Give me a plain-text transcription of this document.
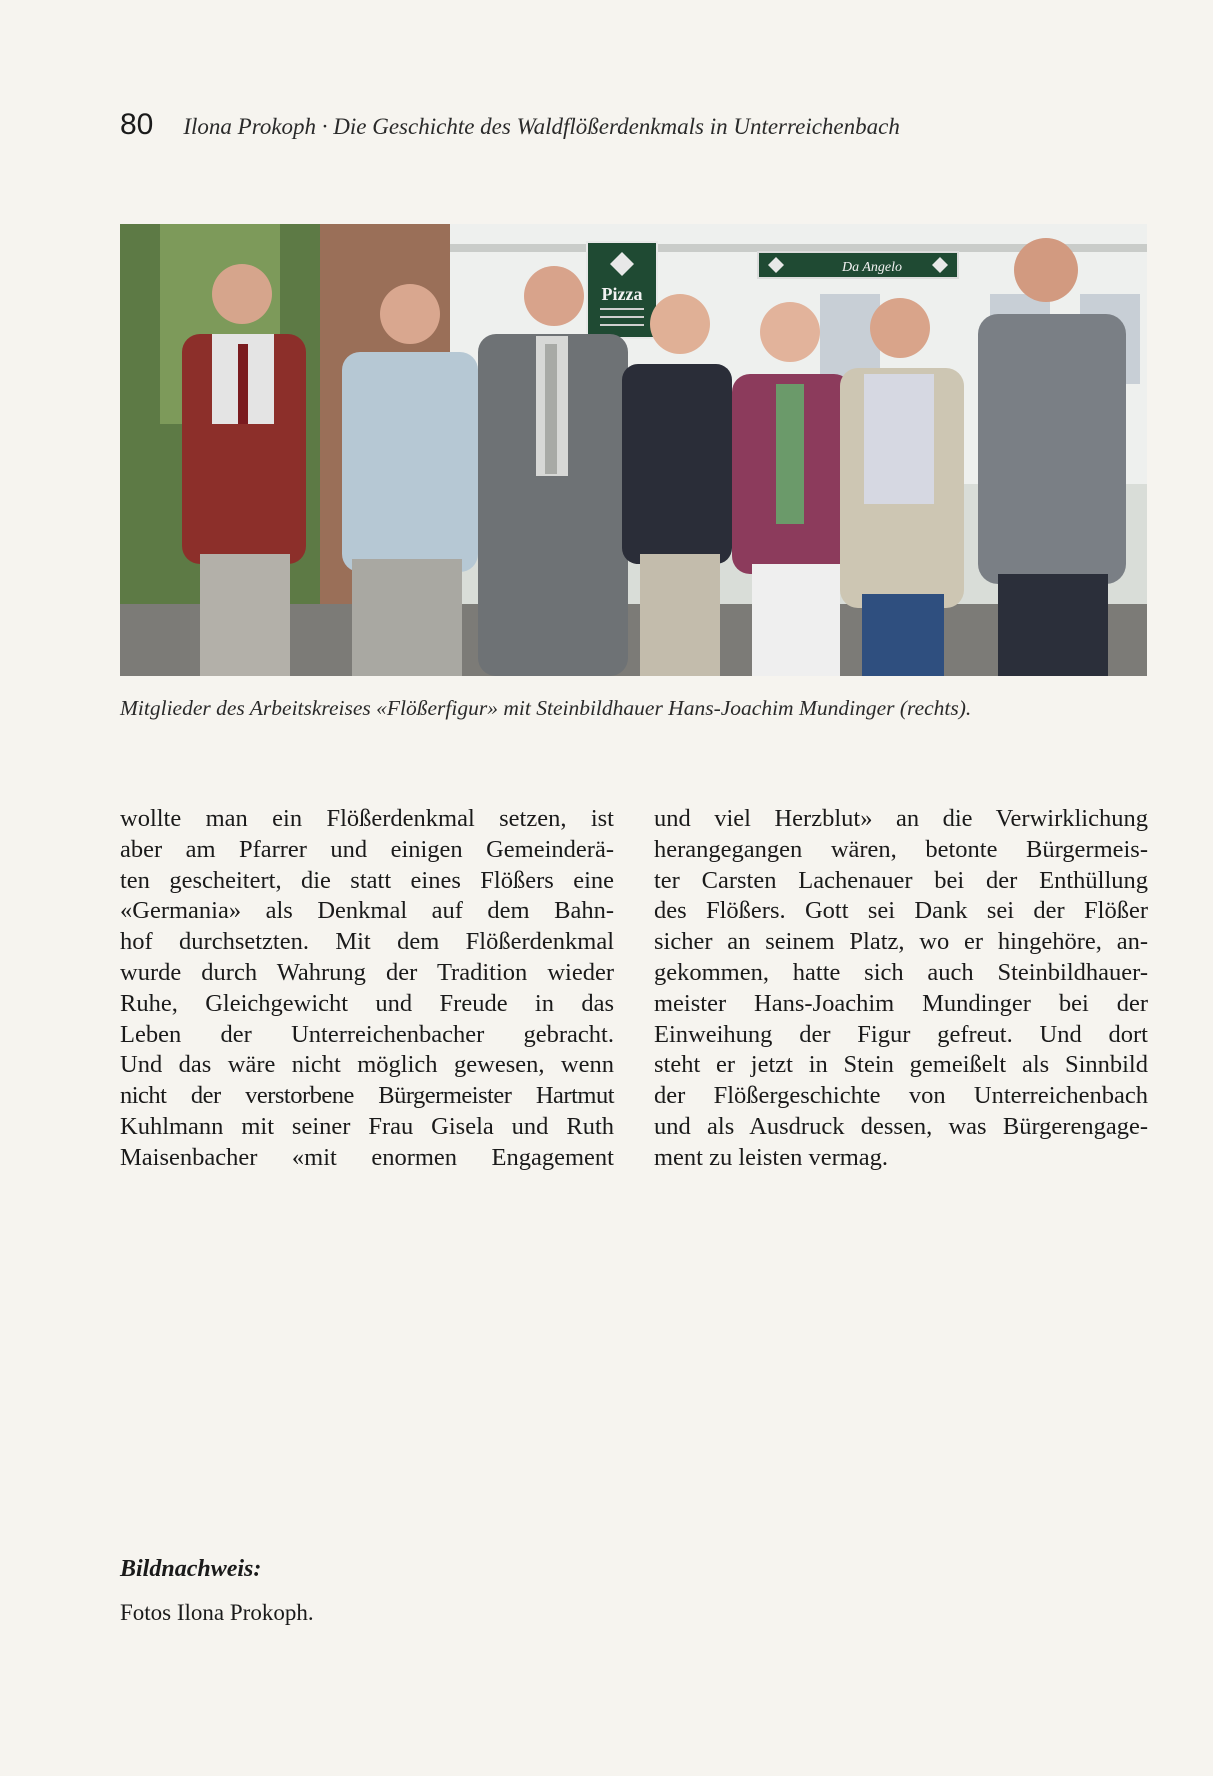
80 Ilona Prokoph · Die Geschichte des Waldflößerdenkmals in Unterreichenbach
Pizza
Da Angelo
Mitglieder des Arbeitskreises «Flößerfigur» mit Steinbildhauer Hans-Joachim Mundinger (rechts).
wollte man ein Flößerdenkmal setzen, ist
aber am Pfarrer und einigen Gemeinderä-
ten gescheitert, die statt eines Flößers eine
«Germania» als Denkmal auf dem Bahn-
hof durchsetzten. Mit dem Flößerdenkmal
wurde durch Wahrung der Tradition wieder
Ruhe, Gleichgewicht und Freude in das
Leben der Unterreichenbacher gebracht.
Und das wäre nicht möglich gewesen, wenn
nicht der verstorbene Bürgermeister Hartmut
Kuhlmann mit seiner Frau Gisela und Ruth
Maisenbacher «mit enormen Engagement
und viel Herzblut» an die Verwirklichung
herangegangen wären, betonte Bürgermeis-
ter Carsten Lachenauer bei der Enthüllung
des Flößers. Gott sei Dank sei der Flößer
sicher an seinem Platz, wo er hingehöre, an-
gekommen, hatte sich auch Steinbildhauer-
meister Hans-Joachim Mundinger bei der
Einweihung der Figur gefreut. Und dort
steht er jetzt in Stein gemeißelt als Sinnbild
der Flößergeschichte von Unterreichenbach
und als Ausdruck dessen, was Bürgerengage-
ment zu leisten vermag.
Bildnachweis:
Fotos Ilona Prokoph.
